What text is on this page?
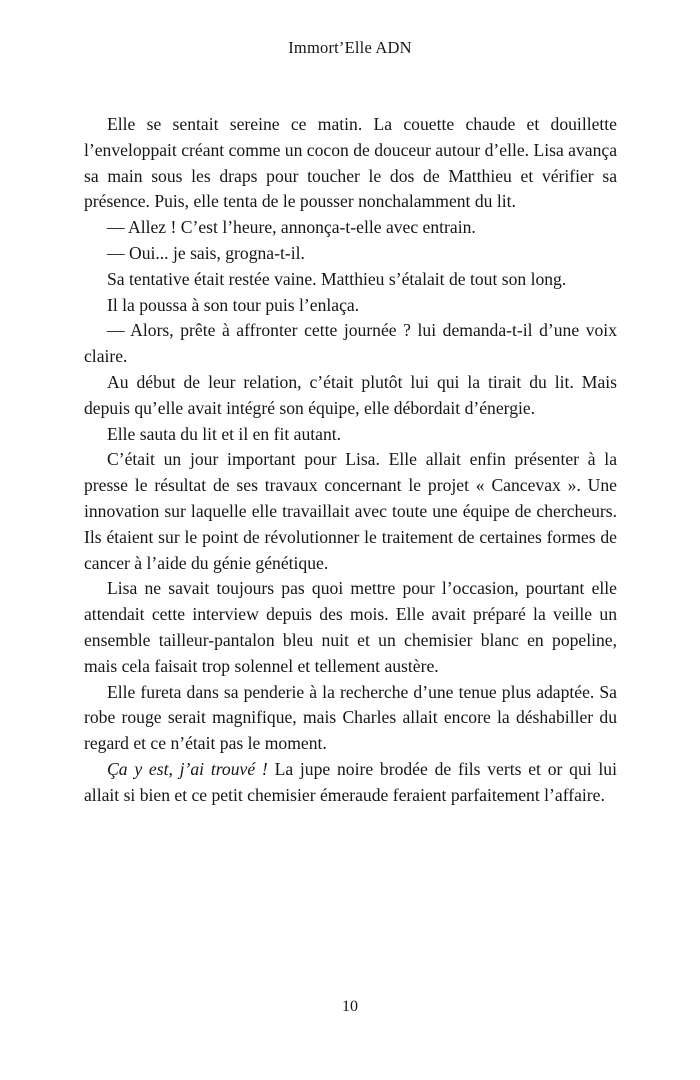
Immort’Elle ADN

Elle se sentait sereine ce matin. La couette chaude et douillette l’enveloppait créant comme un cocon de douceur autour d’elle. Lisa avança sa main sous les draps pour toucher le dos de Matthieu et vérifier sa présence. Puis, elle tenta de le pousser nonchalamment du lit.

— Allez ! C’est l’heure, annonça-t-elle avec entrain.

— Oui... je sais, grogna-t-il.

Sa tentative était restée vaine. Matthieu s’étalait de tout son long.

Il la poussa à son tour puis l’enlaça.

— Alors, prête à affronter cette journée ? lui demanda-t-il d’une voix claire.

Au début de leur relation, c’était plutôt lui qui la tirait du lit. Mais depuis qu’elle avait intégré son équipe, elle débordait d’énergie.

Elle sauta du lit et il en fit autant.

C’était un jour important pour Lisa. Elle allait enfin présenter à la presse le résultat de ses travaux concernant le projet « Cancevax ». Une innovation sur laquelle elle travaillait avec toute une équipe de chercheurs. Ils étaient sur le point de révolutionner le traitement de certaines formes de cancer à l’aide du génie génétique.

Lisa ne savait toujours pas quoi mettre pour l’occasion, pourtant elle attendait cette interview depuis des mois. Elle avait préparé la veille un ensemble tailleur-pantalon bleu nuit et un chemisier blanc en popeline, mais cela faisait trop solennel et tellement austère.

Elle fureta dans sa penderie à la recherche d’une tenue plus adaptée. Sa robe rouge serait magnifique, mais Charles allait encore la déshabiller du regard et ce n’était pas le moment.

Ça y est, j’ai trouvé ! La jupe noire brodée de fils verts et or qui lui allait si bien et ce petit chemisier émeraude feraient parfaitement l’affaire.

10
